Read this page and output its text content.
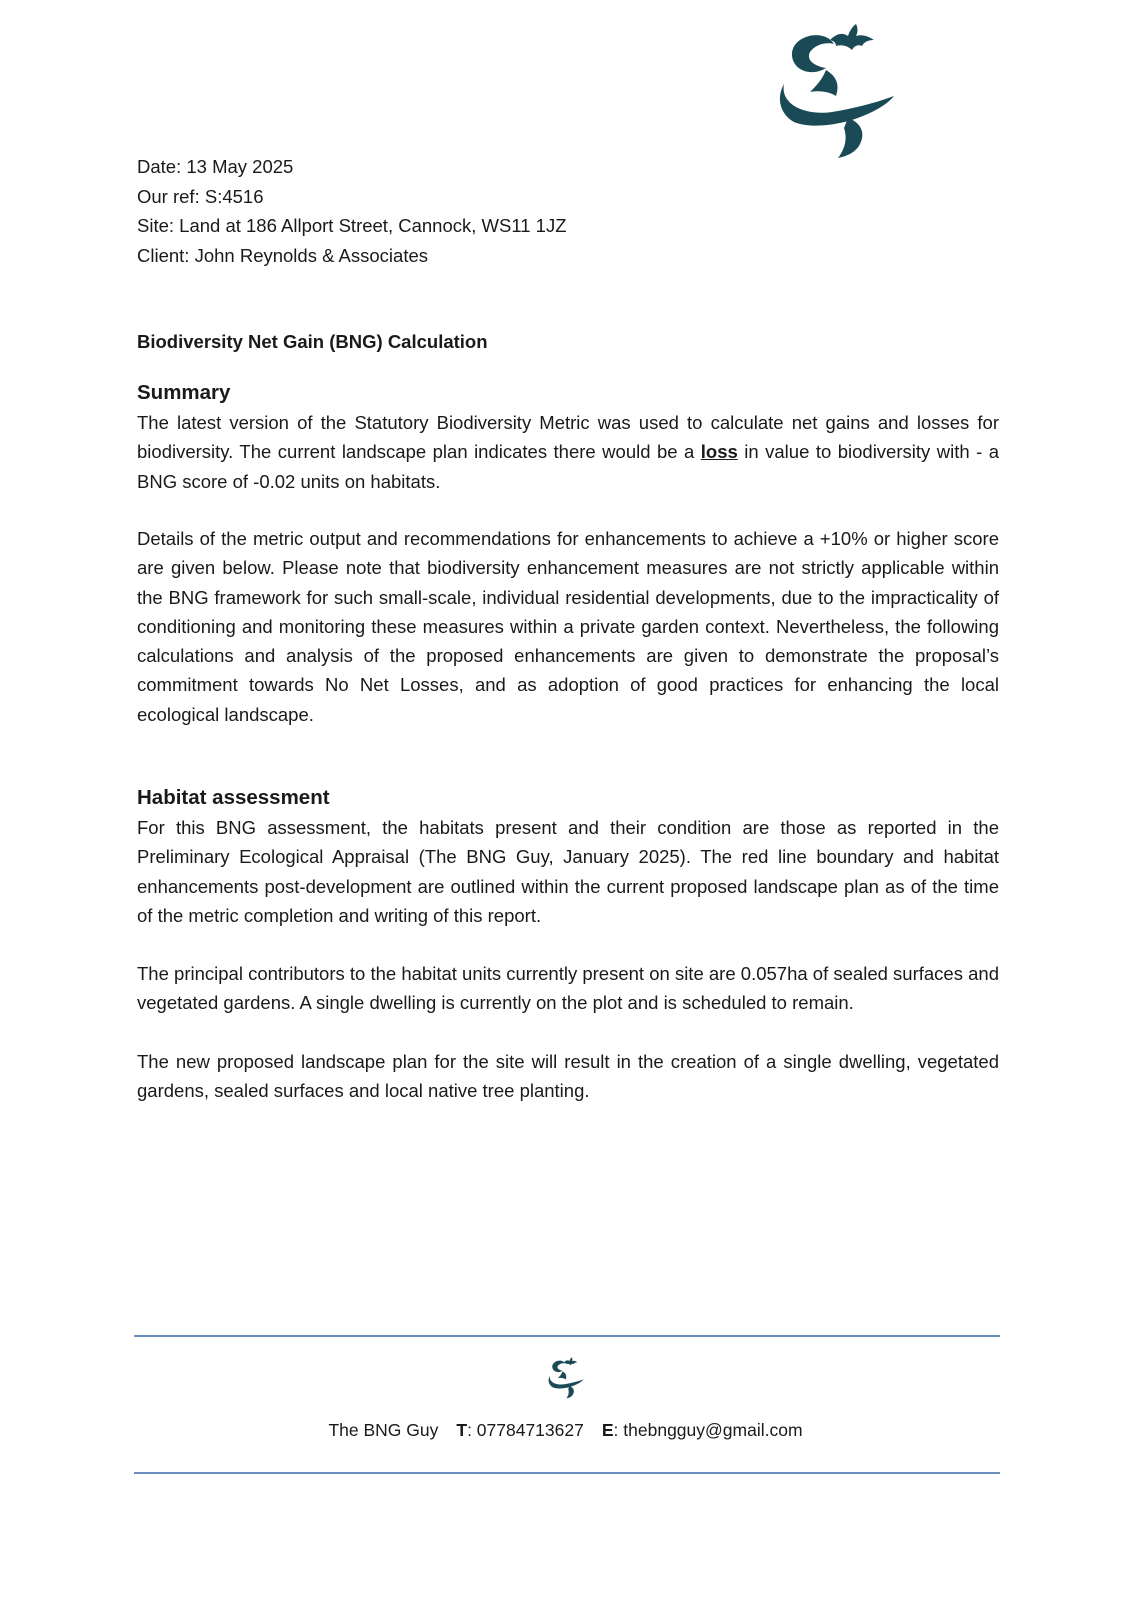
Date: 13 May 2025
Our ref: S:4516
Site: Land at 186 Allport Street, Cannock, WS11 1JZ
Client: John Reynolds & Associates
Biodiversity Net Gain (BNG) Calculation
Summary

The latest version of the Statutory Biodiversity Metric was used to calculate net gains and losses for biodiversity. The current landscape plan indicates there would be a loss in value to biodiversity with - a BNG score of -0.02 units on habitats.

Details of the metric output and recommendations for enhancements to achieve a +10% or higher score are given below. Please note that biodiversity enhancement measures are not strictly applicable within the BNG framework for such small-scale, individual residential developments, due to the impracticality of conditioning and monitoring these measures within a private garden context. Nevertheless, the following calculations and analysis of the proposed enhancements are given to demonstrate the proposal’s commitment towards No Net Losses, and as adoption of good practices for enhancing the local ecological landscape.

Habitat assessment

For this BNG assessment, the habitats present and their condition are those as reported in the Preliminary Ecological Appraisal (The BNG Guy, January 2025). The red line boundary and habitat enhancements post-development are outlined within the current proposed landscape plan as of the time of the metric completion and writing of this report.

The principal contributors to the habitat units currently present on site are 0.057ha of sealed surfaces and vegetated gardens. A single dwelling is currently on the plot and is scheduled to remain.

The new proposed landscape plan for the site will result in the creation of a single dwelling, vegetated gardens, sealed surfaces and local native tree planting.

The BNG Guy T: 07784713627 E: thebngguy@gmail.com
